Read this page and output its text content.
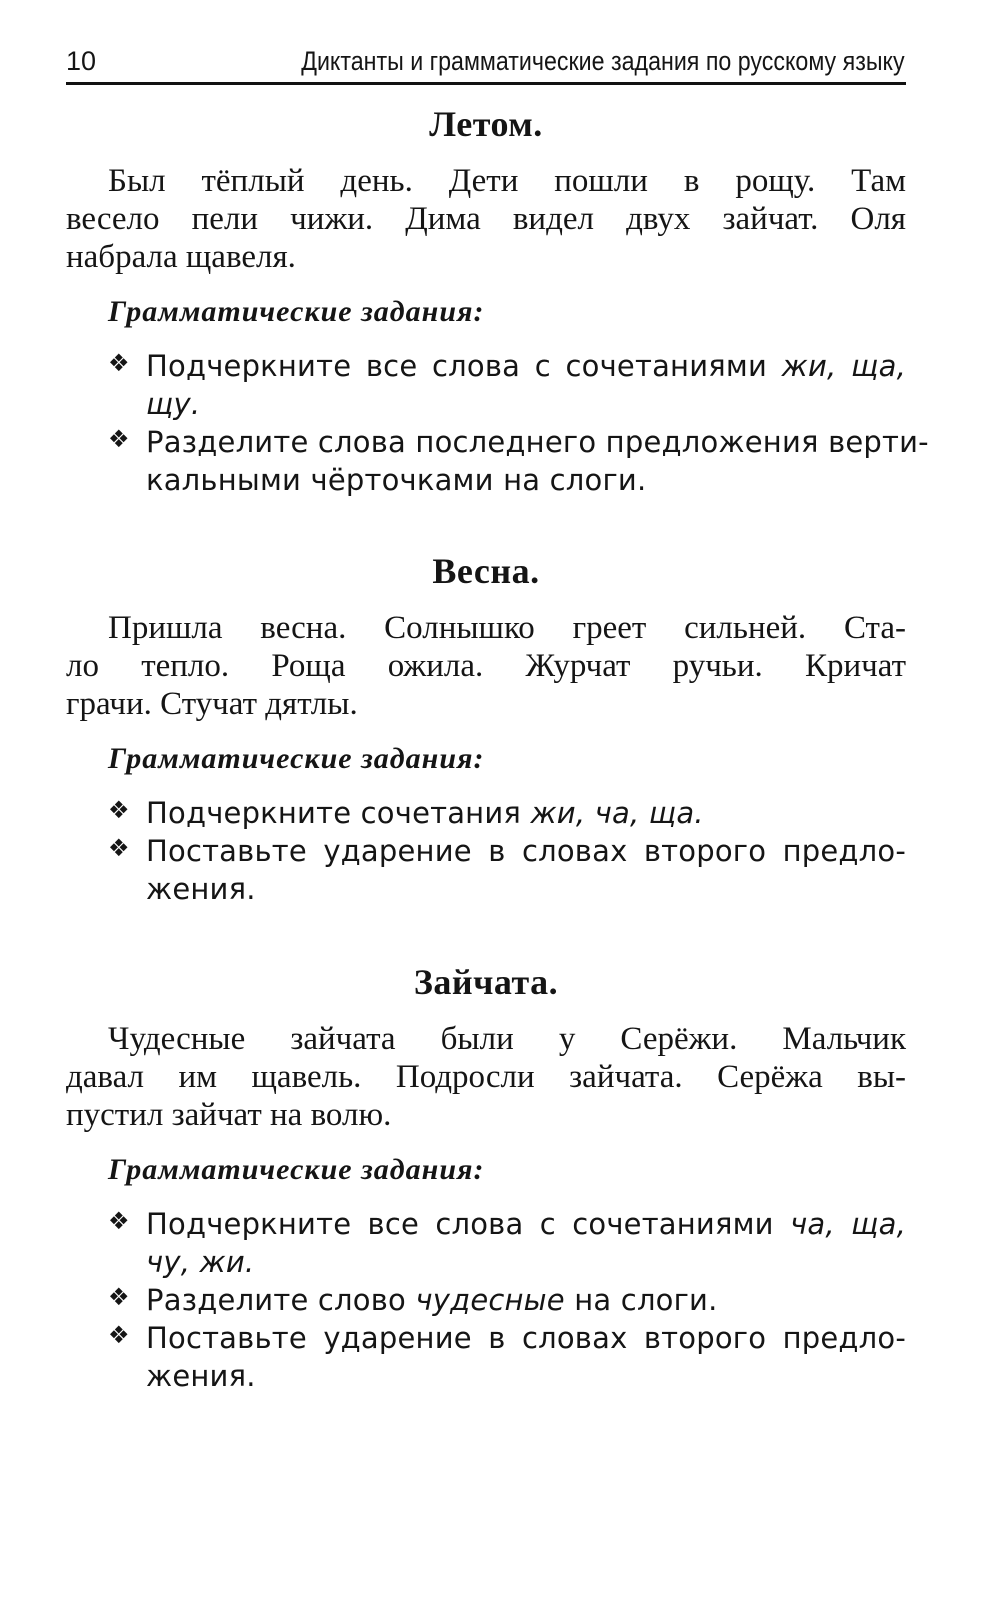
10	Диктанты и грамматические задания по русскому языку
Летом.
Был тёплый день. Дети пошли в рощу. Там
весело пели чижи. Дима видел двух зайчат. Оля
набрала щавеля.
Грамматические задания:
❖ Подчеркните все слова с сочетаниями жи, ща,
щу.
❖ Разделите слова последнего предложения верти-
кальными чёрточками на слоги.
Весна.
Пришла весна. Солнышко греет сильней. Ста-
ло тепло. Роща ожила. Журчат ручьи. Кричат
грачи. Стучат дятлы.
Грамматические задания:
❖ Подчеркните сочетания жи, ча, ща.
❖ Поставьте ударение в словах второго предло-
жения.
Зайчата.
Чудесные зайчата были у Серёжи. Мальчик
давал им щавель. Подросли зайчата. Серёжа вы-
пустил зайчат на волю.
Грамматические задания:
❖ Подчеркните все слова с сочетаниями ча, ща,
чу, жи.
❖ Разделите слово чудесные на слоги.
❖ Поставьте ударение в словах второго предло-
жения.
